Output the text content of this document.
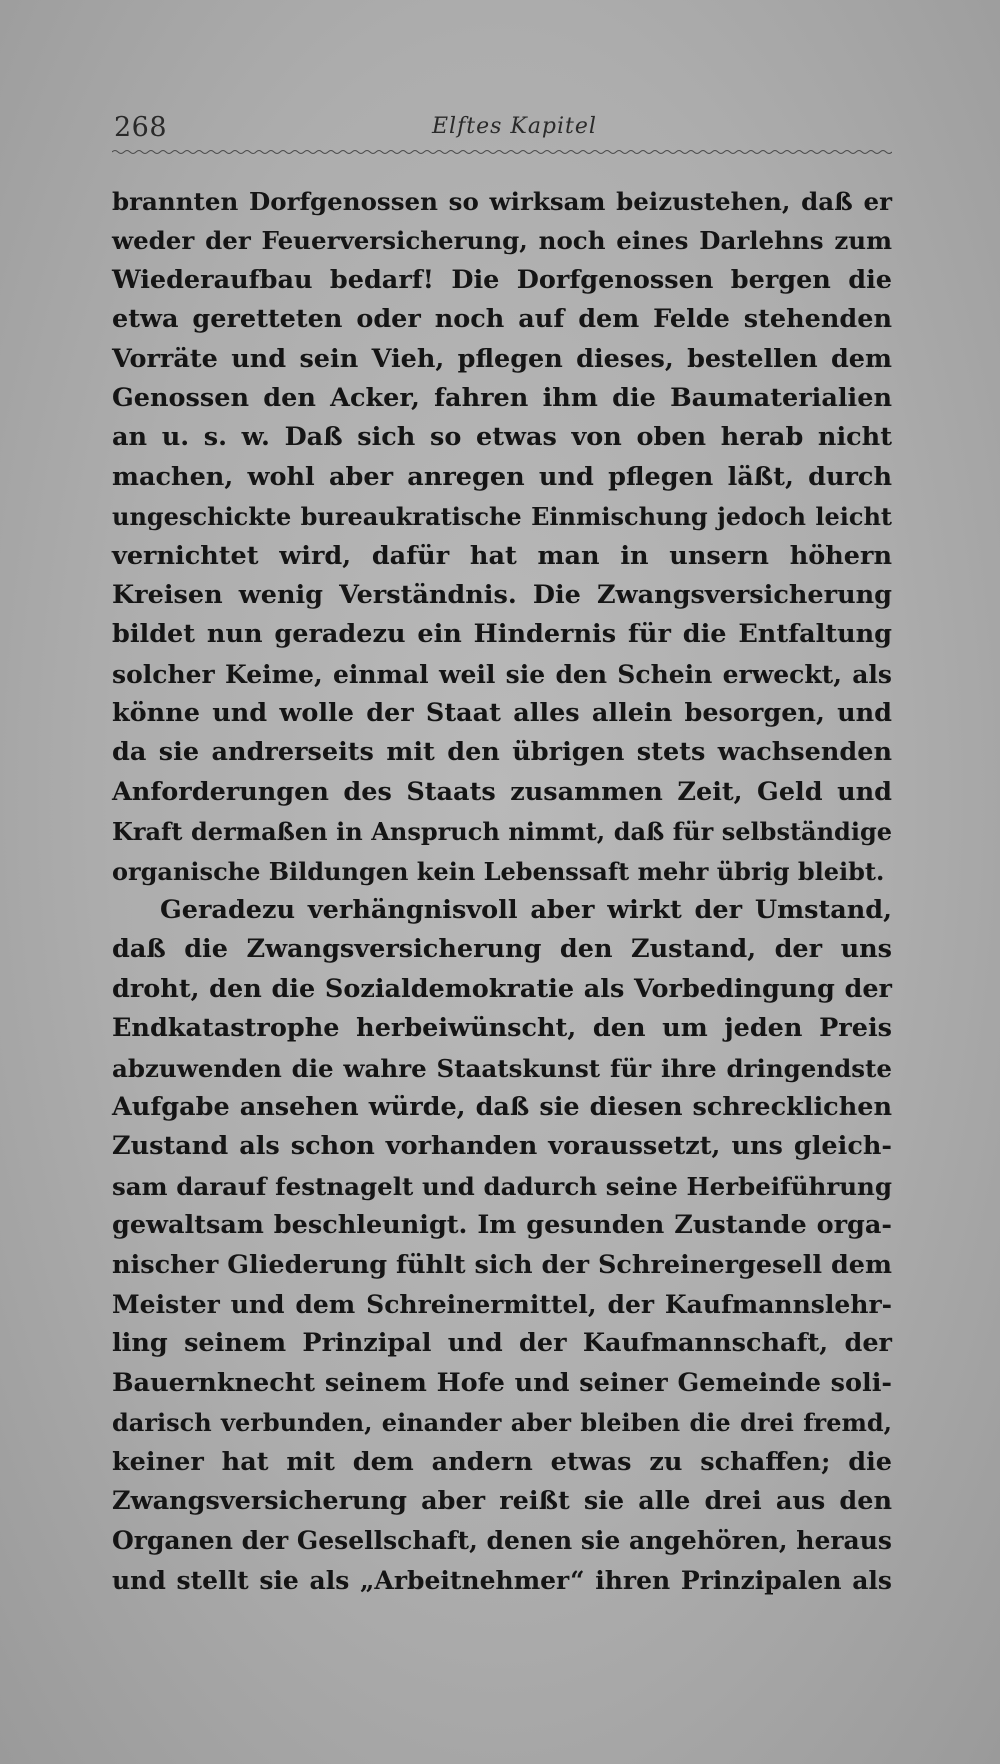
268	Elftes Kapitel
brannten Dorfgenossen so wirksam beizustehen, daß er
weder der Feuerversicherung, noch eines Darlehns zum
Wiederaufbau bedarf! Die Dorfgenossen bergen die
etwa geretteten oder noch auf dem Felde stehenden
Vorräte und sein Vieh, pflegen dieses, bestellen dem
Genossen den Acker, fahren ihm die Baumaterialien
an u. s. w. Daß sich so etwas von oben herab nicht
machen, wohl aber anregen und pflegen läßt, durch
ungeschickte bureaukratische Einmischung jedoch leicht
vernichtet wird, dafür hat man in unsern höhern
Kreisen wenig Verständnis. Die Zwangsversicherung
bildet nun geradezu ein Hindernis für die Entfaltung
solcher Keime, einmal weil sie den Schein erweckt, als
könne und wolle der Staat alles allein besorgen, und
da sie andrerseits mit den übrigen stets wachsenden
Anforderungen des Staats zusammen Zeit, Geld und
Kraft dermaßen in Anspruch nimmt, daß für selbständige
organische Bildungen kein Lebenssaft mehr übrig bleibt.
Geradezu verhängnisvoll aber wirkt der Umstand,
daß die Zwangsversicherung den Zustand, der uns
droht, den die Sozialdemokratie als Vorbedingung der
Endkatastrophe herbeiwünscht, den um jeden Preis
abzuwenden die wahre Staatskunst für ihre dringendste
Aufgabe ansehen würde, daß sie diesen schrecklichen
Zustand als schon vorhanden voraussetzt, uns gleich-
sam darauf festnagelt und dadurch seine Herbeiführung
gewaltsam beschleunigt. Im gesunden Zustande orga-
nischer Gliederung fühlt sich der Schreinergesell dem
Meister und dem Schreinermittel, der Kaufmannslehr-
ling seinem Prinzipal und der Kaufmannschaft, der
Bauernknecht seinem Hofe und seiner Gemeinde soli-
darisch verbunden, einander aber bleiben die drei fremd,
keiner hat mit dem andern etwas zu schaffen; die
Zwangsversicherung aber reißt sie alle drei aus den
Organen der Gesellschaft, denen sie angehören, heraus
und stellt sie als „Arbeitnehmer“ ihren Prinzipalen als
